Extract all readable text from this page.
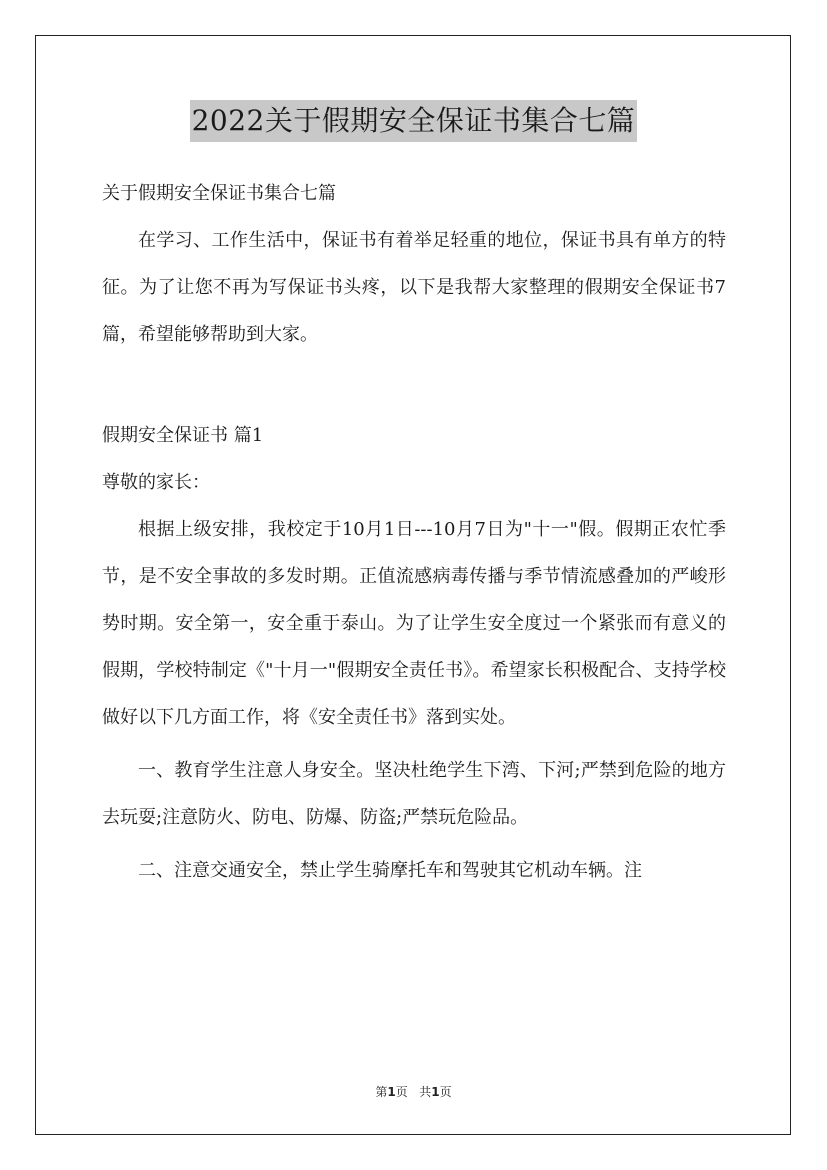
2022关于假期安全保证书集合七篇

关于假期安全保证书集合七篇

在学习、工作生活中，保证书有着举足轻重的地位，保证书具有单方的特征。为了让您不再为写保证书头疼，以下是我帮大家整理的假期安全保证书7篇，希望能够帮助到大家。

假期安全保证书 篇1

尊敬的家长：

根据上级安排，我校定于10月1日---10月7日为"十一"假。假期正农忙季节，是不安全事故的多发时期。正值流感病毒传播与季节情流感叠加的严峻形势时期。安全第一，安全重于泰山。为了让学生安全度过一个紧张而有意义的假期，学校特制定《"十月一"假期安全责任书》。希望家长积极配合、支持学校做好以下几方面工作，将《安全责任书》落到实处。

一、教育学生注意人身安全。坚决杜绝学生下湾、下河;严禁到危险的地方去玩耍;注意防火、防电、防爆、防盗;严禁玩危险品。

二、注意交通安全，禁止学生骑摩托车和驾驶其它机动车辆。注

第1页 共1页
